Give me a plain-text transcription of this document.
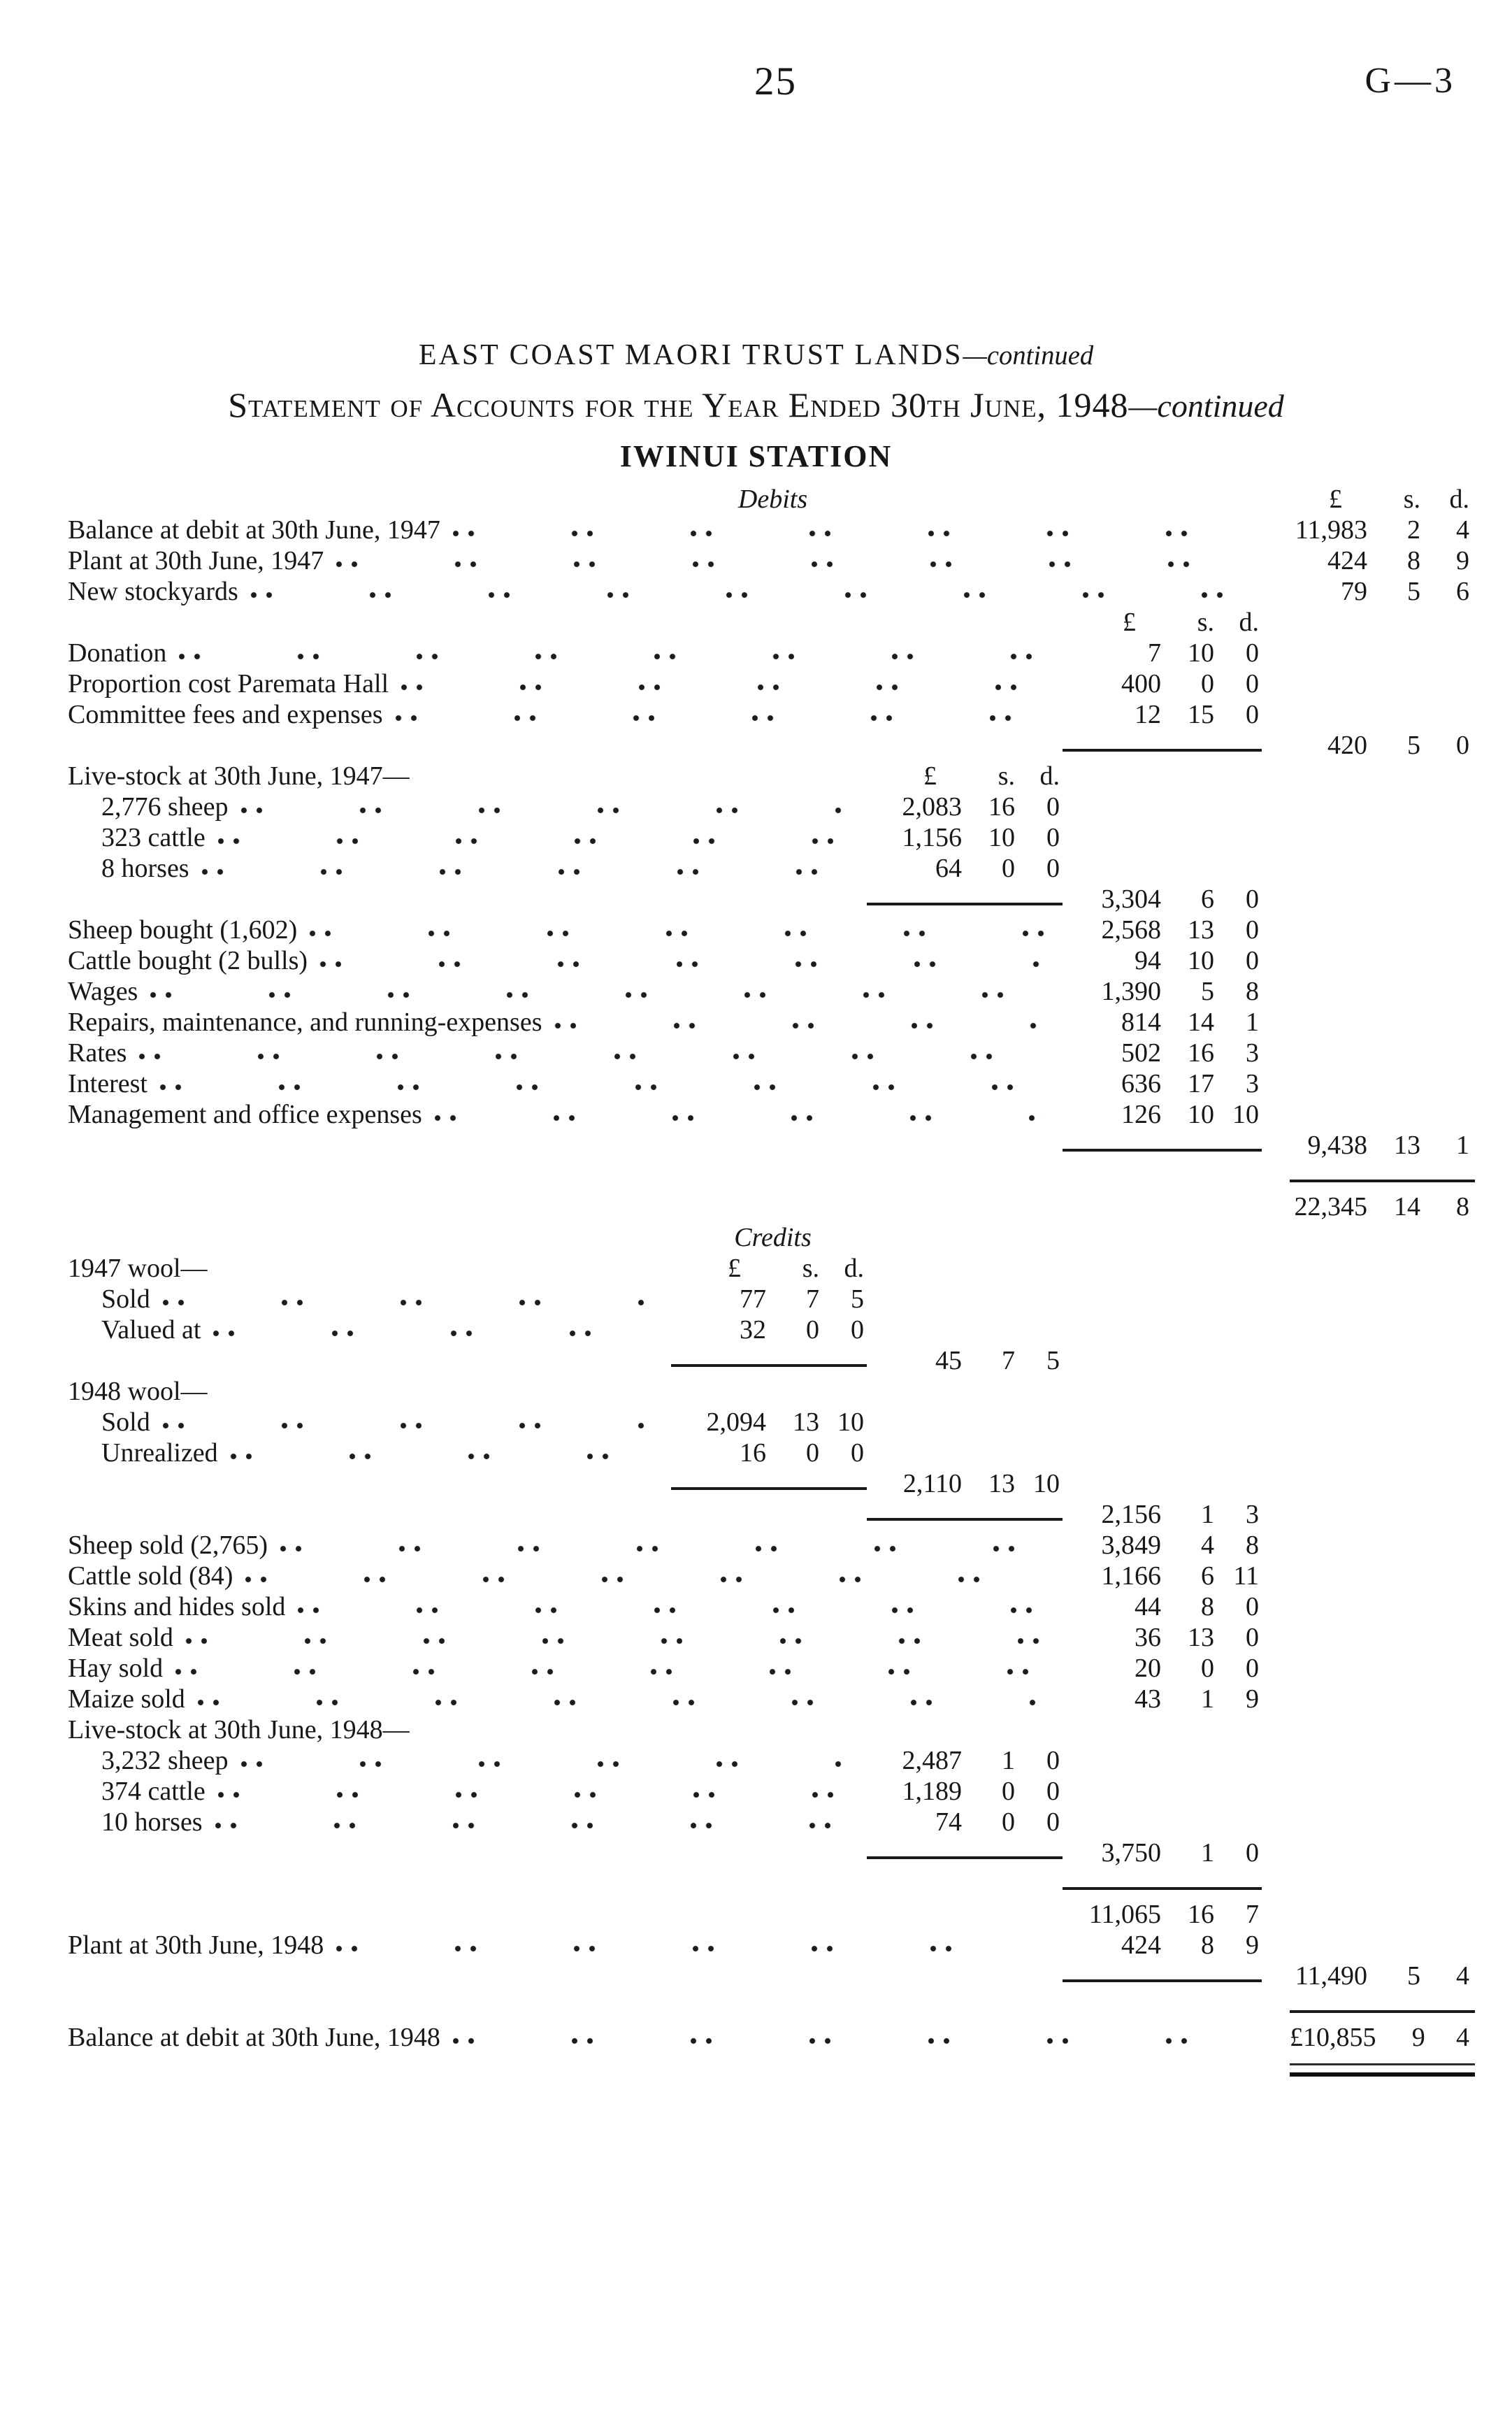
25	G—3
EAST COAST MAORI TRUST LANDS—continued
Statement of Accounts for the Year Ended 30th June, 1948—continued
IWINUI STATION
Debits	£	s.	d.
Balance at debit at 30th June, 1947	11,983	2	4
Plant at 30th June, 1947	424	8	9
New stockyards	79	5	6
£	s. d.
Donation	7	10	0
Proportion cost Paremata Hall	400	0	0
Committee fees and expenses	12	15	0
420	5	0
Live-stock at 30th June, 1947—	£	s. d.
2,776 sheep	2,083	16	0
323 cattle	1,156	10	0
8 horses	64	0	0
3,304	6	0
Sheep bought (1,602)	2,568	13	0
Cattle bought (2 bulls)	94	10	0
Wages	1,390	5	8
Repairs, maintenance, and running-expenses	814	14	1
Rates	502	16	3
Interest	636	17	3
Management and office expenses	126	10 10
9,438	13	1
22,345	14	8
Credits
1947 wool—	£	s. d.
Sold	77	7	5
Valued at	32	0	0
45	7	5
1948 wool—
Sold	2,094	13 10
Unrealized	16	0	0
2,110	13 10
2,156	1	3
Sheep sold (2,765)	3,849	4	8
Cattle sold (84)	1,166	6 11
Skins and hides sold	44	8	0
Meat sold	36	13	0
Hay sold	20	0	0
Maize sold	43	1	9
Live-stock at 30th June, 1948—
3,232 sheep	2,487	1	0
374 cattle	1,189	0	0
10 horses	74	0	0
3,750	1	0
11,065	16	7
Plant at 30th June, 1948	424	8	9
11,490	5	4
Balance at debit at 30th June, 1948	£10,855	9	4
